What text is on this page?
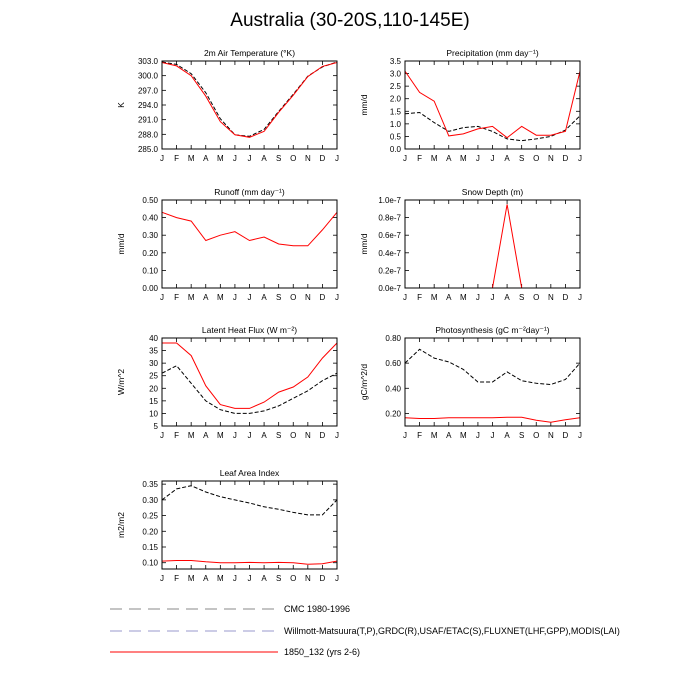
Australia (30-20S,110-145E)
2m Air Temperature (°K)
K
285.0
288.0
291.0
294.0
297.0
300.0
303.0
J F M A M J J A S O N D J
Precipitation (mm day⁻¹)
mm/d
0.0
0.5
1.0
1.5
2.0
2.5
3.0
3.5
J F M A M J J A S O N D J
Runoff (mm day⁻¹)
mm/d
0.00
0.10
0.20
0.30
0.40
0.50
J F M A M J J A S O N D J
Snow Depth (m)
mm/d
0.0e-7
0.2e-7
0.4e-7
0.6e-7
0.8e-7
1.0e-7
J F M A M J J A S O N D J
Latent Heat Flux (W m⁻²)
W/m^2
5
10
15
20
25
30
35
40
J F M A M J J A S O N D J
Photosynthesis (gC m⁻²day⁻¹)
gC/m^2/d
0.20
0.40
0.60
0.80
J F M A M J J A S O N D J
Leaf Area Index
m2/m2
0.10
0.15
0.20
0.25
0.30
0.35
J F M A M J J A S O N D J
CMC 1980-1996
Willmott-Matsuura(T,P),GRDC(R),USAF/ETAC(S),FLUXNET(LHF,GPP),MODIS(LAI)
1850_132 (yrs 2-6)
